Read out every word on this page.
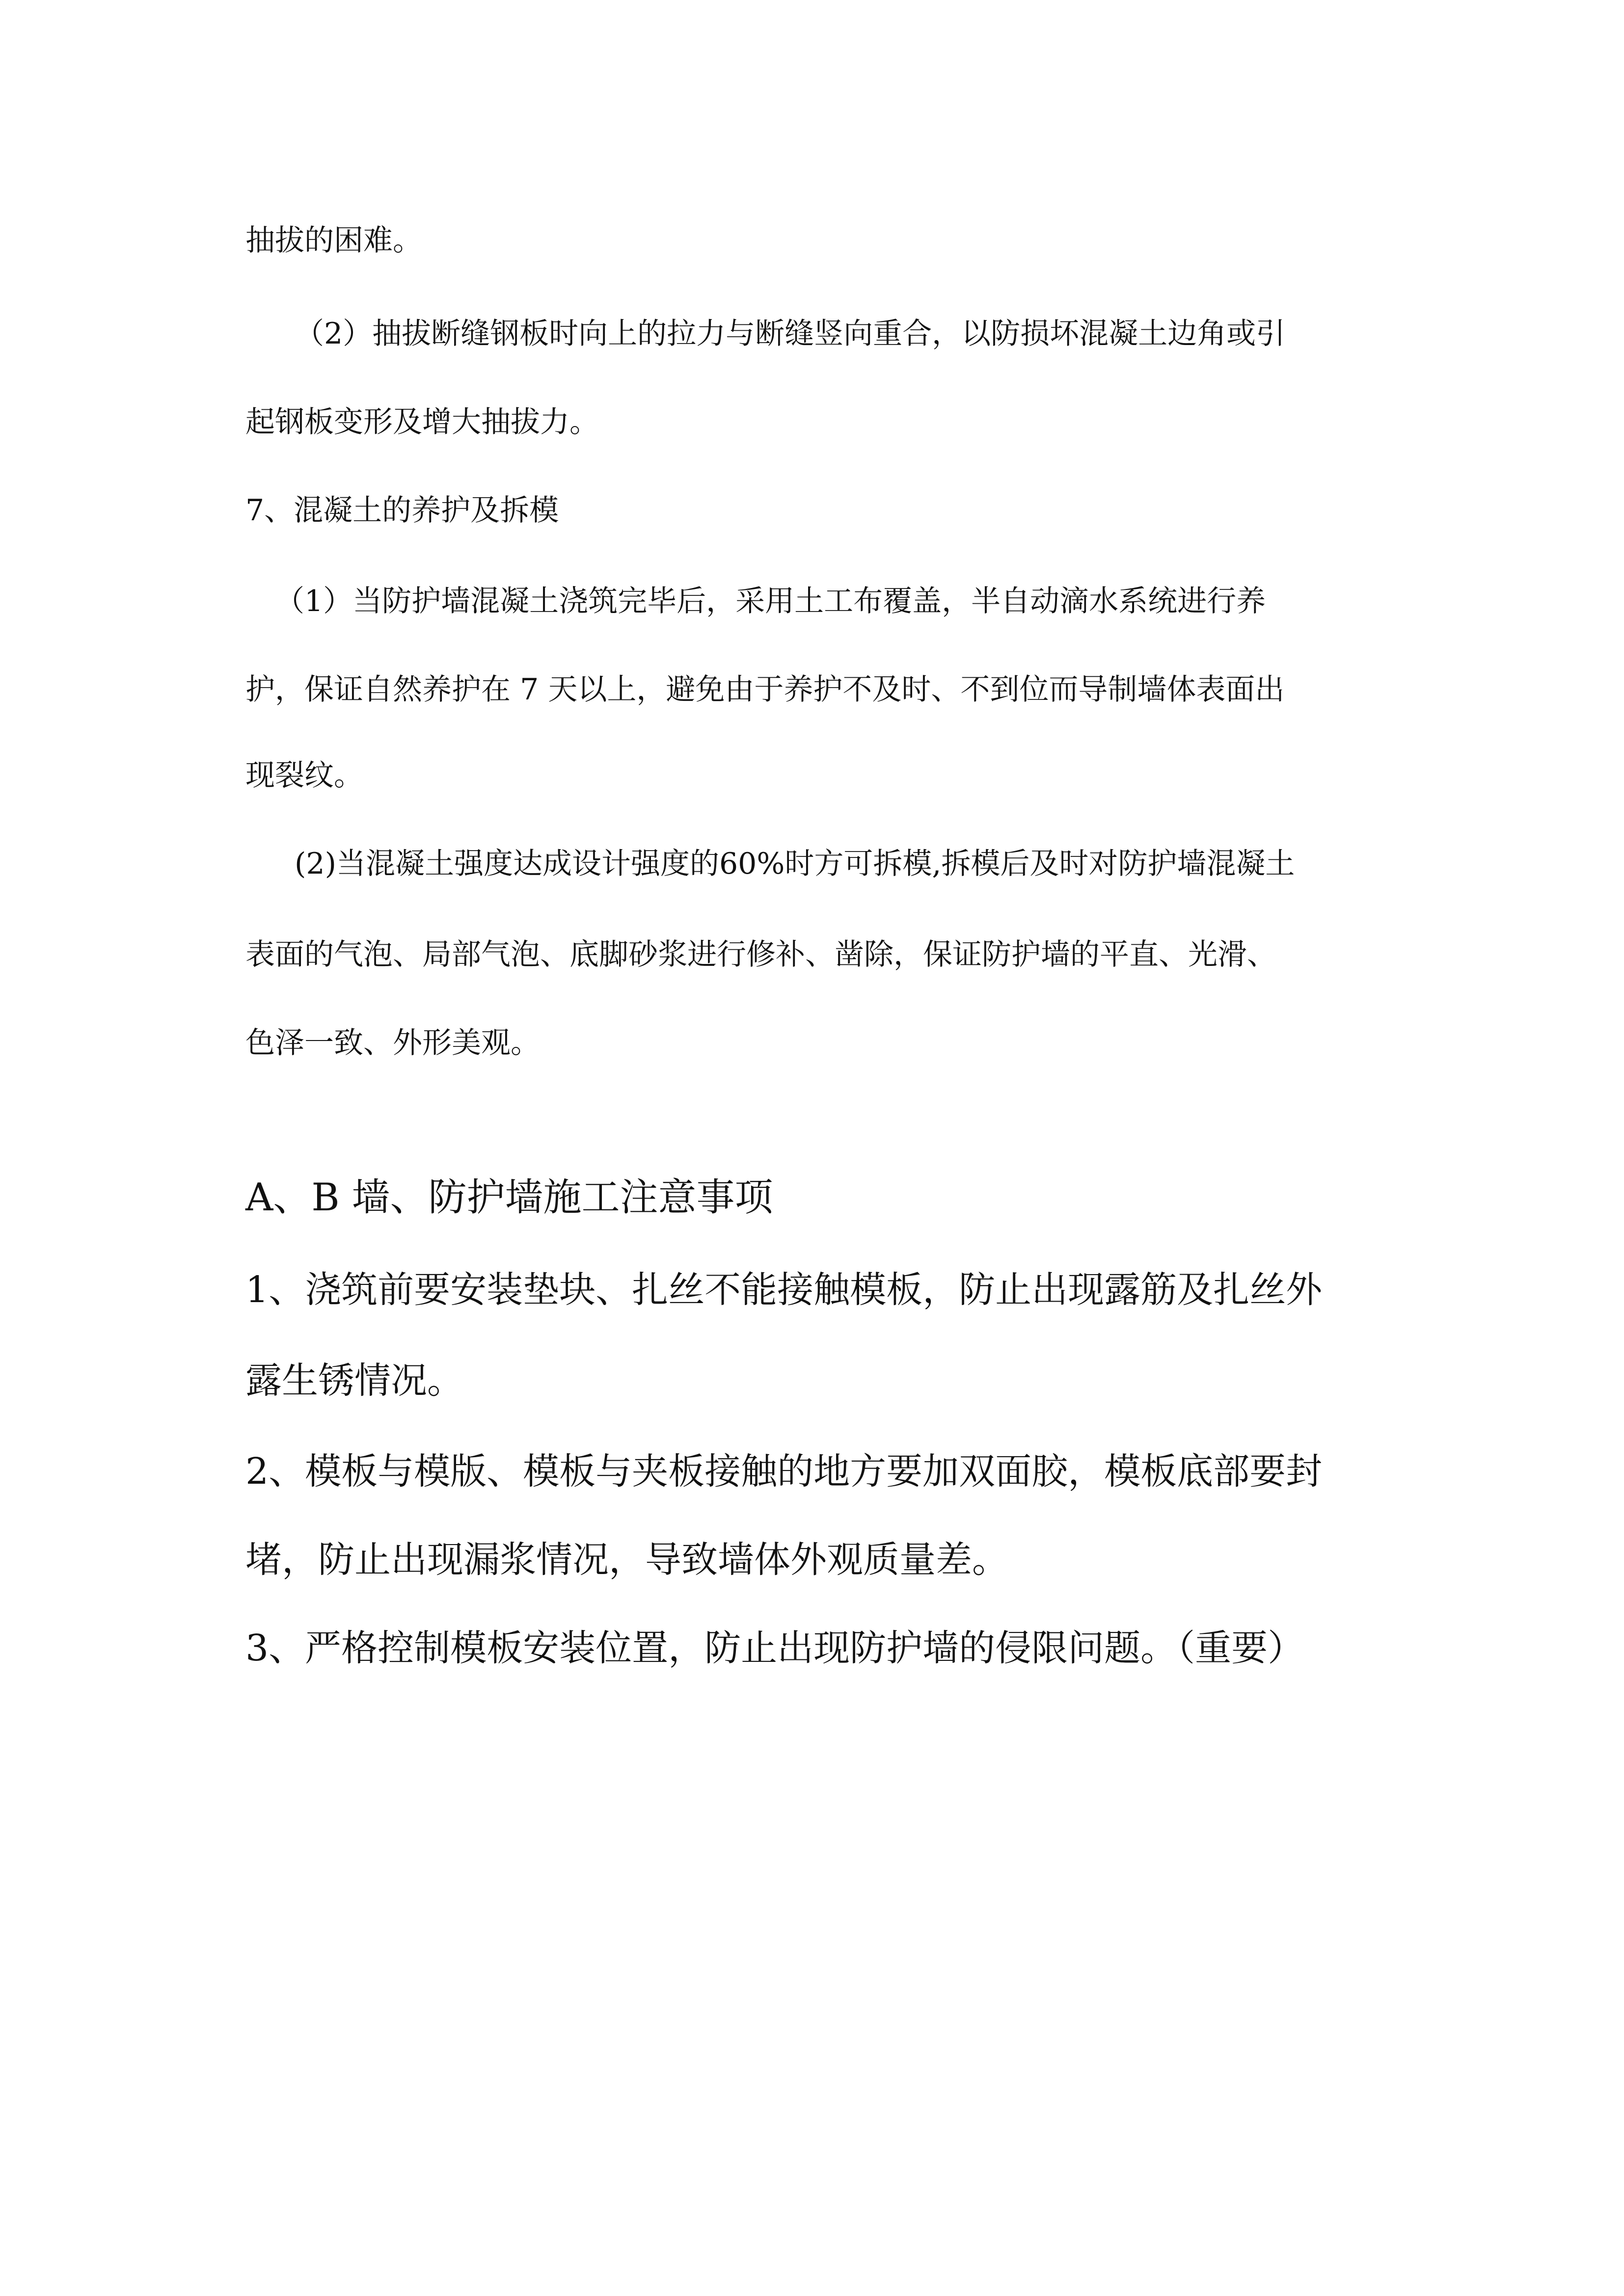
抽拔的困难。
（2）抽拔断缝钢板时向上的拉力与断缝竖向重合，以防损坏混凝土边角或引
起钢板变形及增大抽拔力。
7、混凝土的养护及拆模
（1）当防护墙混凝土浇筑完毕后，采用土工布覆盖，半自动滴水系统进行养
护，保证自然养护在 7 天以上，避免由于养护不及时、不到位而导制墙体表面出
现裂纹。
(2)当混凝土强度达成设计强度的60%时方可拆模,拆模后及时对防护墙混凝土
表面的气泡、局部气泡、底脚砂浆进行修补、凿除，保证防护墙的平直、光滑、
色泽一致、外形美观。
A、B 墙、防护墙施工注意事项
1、浇筑前要安装垫块、扎丝不能接触模板，防止出现露筋及扎丝外
露生锈情况。
2、模板与模版、模板与夹板接触的地方要加双面胶，模板底部要封
堵，防止出现漏浆情况，导致墙体外观质量差。
3、严格控制模板安装位置，防止出现防护墙的侵限问题。（重要）
